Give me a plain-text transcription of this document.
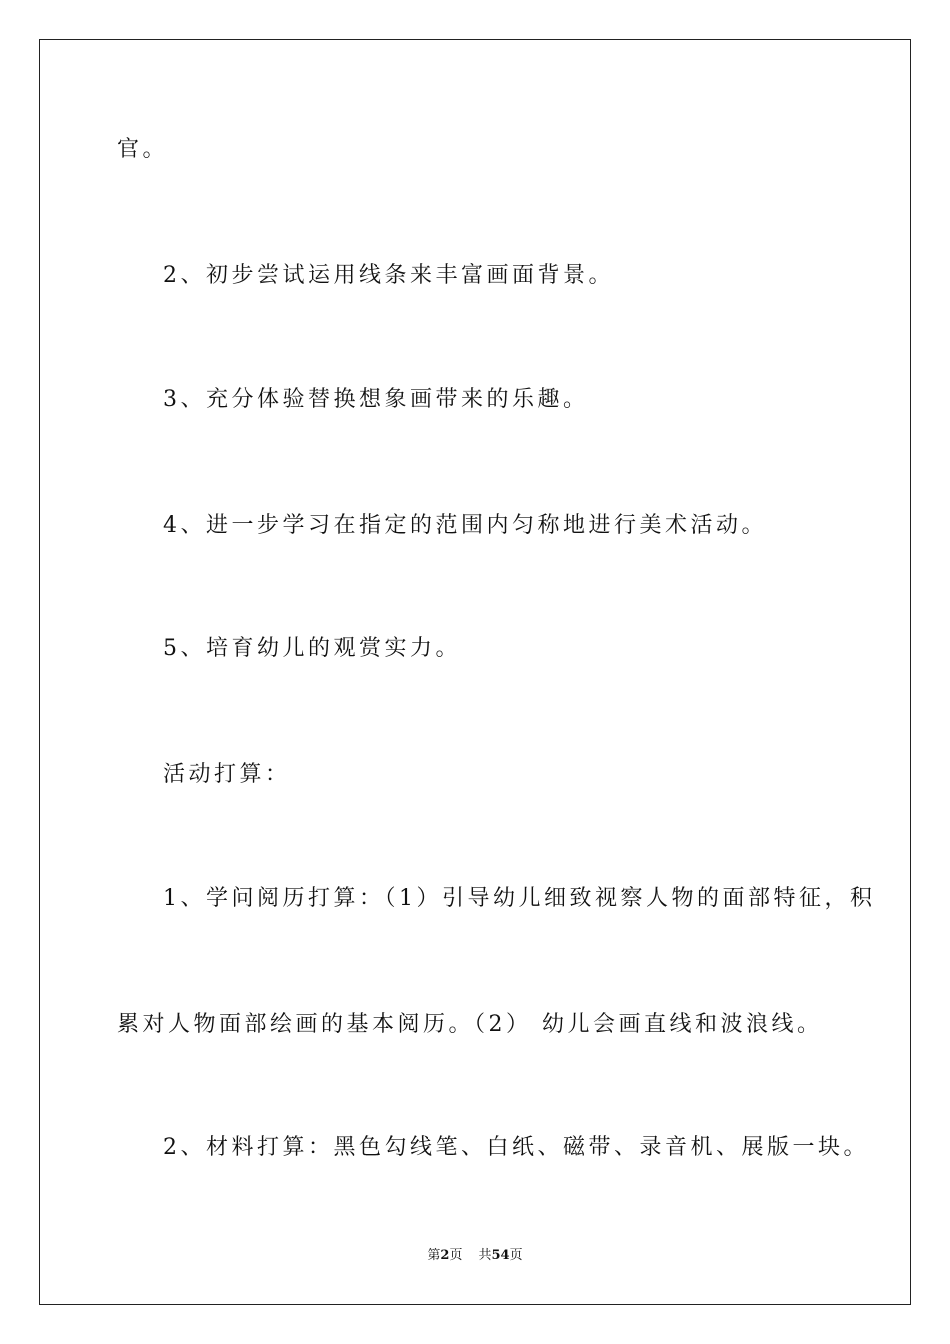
官。
2、初步尝试运用线条来丰富画面背景。
3、充分体验替换想象画带来的乐趣。
4、进一步学习在指定的范围内匀称地进行美术活动。
5、培育幼儿的观赏实力。
活动打算：
1、学问阅历打算：（1）引导幼儿细致视察人物的面部特征，积
累对人物面部绘画的基本阅历。（2） 幼儿会画直线和波浪线。
2、材料打算：黑色勾线笔、白纸、磁带、录音机、展版一块。
第2页 共54页
